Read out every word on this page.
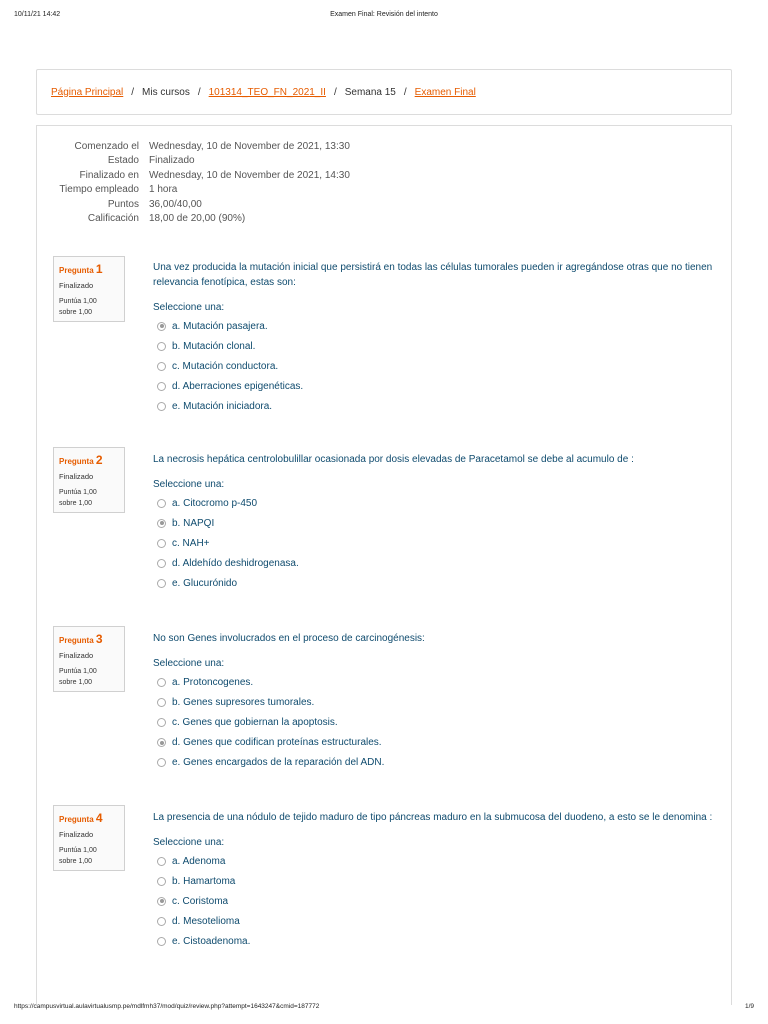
10/11/21 14:42	Examen Final: Revisión del intento
Página Principal / Mis cursos / 101314_TEO_FN_2021_II / Semana 15 / Examen Final
Comenzado el	Wednesday, 10 de November de 2021, 13:30
Estado	Finalizado
Finalizado en	Wednesday, 10 de November de 2021, 14:30
Tiempo empleado	1 hora
Puntos	36,00/40,00
Calificación	18,00 de 20,00 (90%)
Pregunta 1
Finalizado
Puntúa 1,00
sobre 1,00
Una vez producida la mutación inicial que persistirá en todas las células tumorales pueden ir agregándose otras que no tienen relevancia fenotípica, estas son:
Seleccione una:
a. Mutación pasajera.
b. Mutación clonal.
c. Mutación conductora.
d. Aberraciones epigenéticas.
e. Mutación iniciadora.
Pregunta 2
Finalizado
Puntúa 1,00
sobre 1,00
La necrosis hepática centrolobulillar ocasionada por dosis elevadas de Paracetamol se debe al acumulo de :
Seleccione una:
a. Citocromo p-450
b. NAPQI
c. NAH+
d. Aldehído deshidrogenasa.
e. Glucurónido
Pregunta 3
Finalizado
Puntúa 1,00
sobre 1,00
No son Genes involucrados en el proceso de carcinogénesis:
Seleccione una:
a. Protoncogenes.
b. Genes supresores tumorales.
c. Genes que gobiernan la apoptosis.
d. Genes que codifican proteínas estructurales.
e. Genes encargados de la reparación del ADN.
Pregunta 4
Finalizado
Puntúa 1,00
sobre 1,00
La presencia de una nódulo de tejido maduro de tipo páncreas maduro en la submucosa del duodeno, a esto se le denomina :
Seleccione una:
a. Adenoma
b. Hamartoma
c. Coristoma
d. Mesotelioma
e. Cistoadenoma.
https://campusvirtual.aulavirtualusmp.pe/mdlfmh37/mod/quiz/review.php?attempt=1643247&cmid=187772	1/9
